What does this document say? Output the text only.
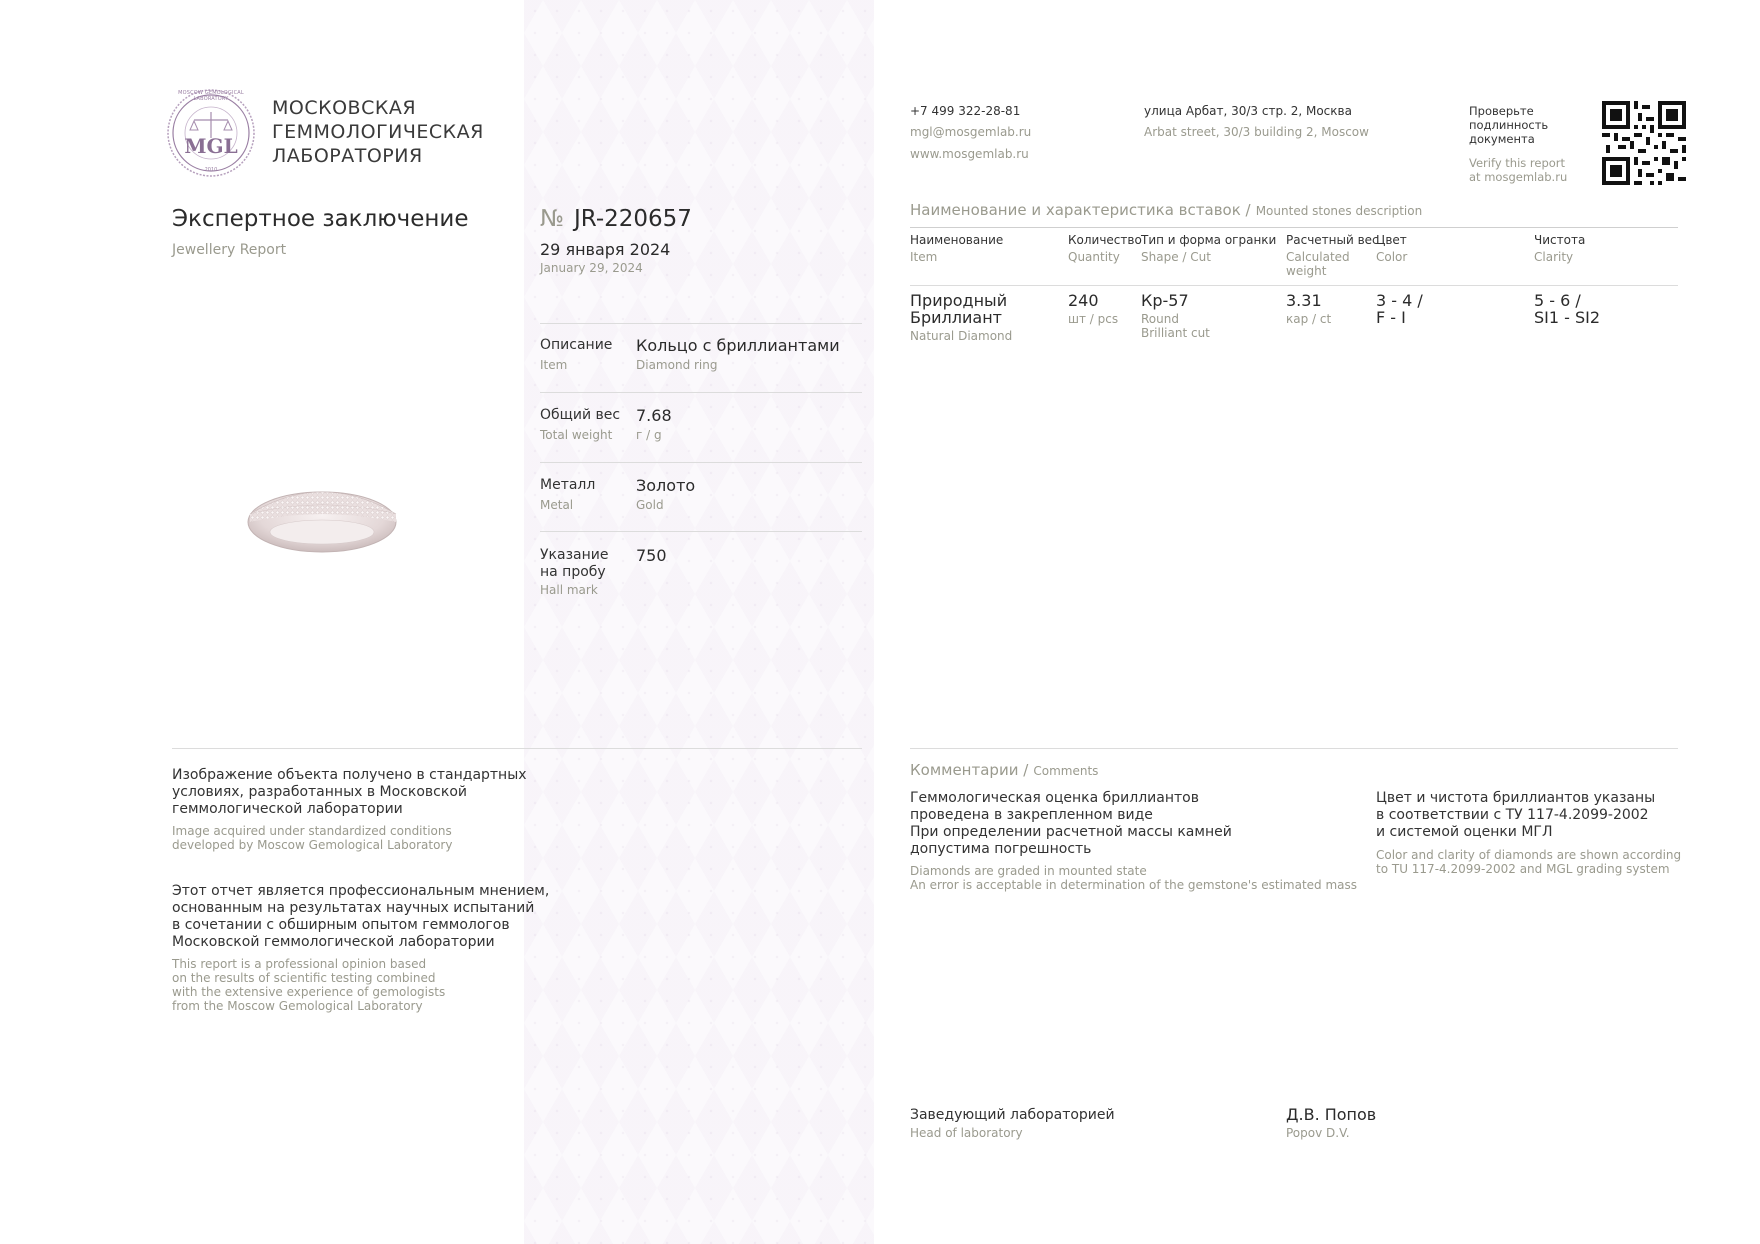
MGL
MOSCOW GEMOLOGICAL LABORATORY
2010
МОСКОВСКАЯ
ГЕММОЛОГИЧЕСКАЯ
ЛАБОРАТОРИЯ
Экспертное заключение
Jewellery Report
№ JR-220657
29 января 2024
January 29, 2024
Описание
Item
Кольцо с бриллиантами
Diamond ring
Общий вес
Total weight
7.68
г / g
Металл
Metal
Золото
Gold
Указание
на пробу
Hall mark
750
+7 499 322-28-81
mgl@mosgemlab.ru
www.mosgemlab.ru
улица Арбат, 30/3 стр. 2, Москва
Arbat street, 30/3 building 2, Moscow
Проверьте
подлинность
документа
Verify this report
at mosgemlab.ru
Наименование и характеристика вставок / Mounted stones description
Наименование
Item
Количество
Quantity
Тип и форма огранки
Shape / Cut
Расчетный вес
Calculated
weight
Цвет
Color
Чистота
Clarity
Природный
Бриллиант
Natural Diamond
240
шт / pcs
Кр-57
Round
Brilliant cut
3.31
кар / ct
3 - 4 /
F - I
5 - 6 /
SI1 - SI2
Изображение объекта получено в стандартных
условиях, разработанных в Московской
геммологической лаборатории
Image acquired under standardized conditions
developed by Moscow Gemological Laboratory
Этот отчет является профессиональным мнением,
основанным на результатах научных испытаний
в сочетании с обширным опытом геммологов
Московской геммологической лаборатории
This report is a professional opinion based
on the results of scientific testing combined
with the extensive experience of gemologists
from the Moscow Gemological Laboratory
Комментарии / Comments
Геммологическая оценка бриллиантов
проведена в закрепленном виде
При определении расчетной массы камней
допустима погрешность
Diamonds are graded in mounted state
An error is acceptable in determination of the gemstone's estimated mass
Цвет и чистота бриллиантов указаны
в соответствии с ТУ 117-4.2099-2002
и системой оценки МГЛ
Color and clarity of diamonds are shown according
to TU 117-4.2099-2002 and MGL grading system
Заведующий лабораторией
Head of laboratory
Д.В. Попов
Popov D.V.
